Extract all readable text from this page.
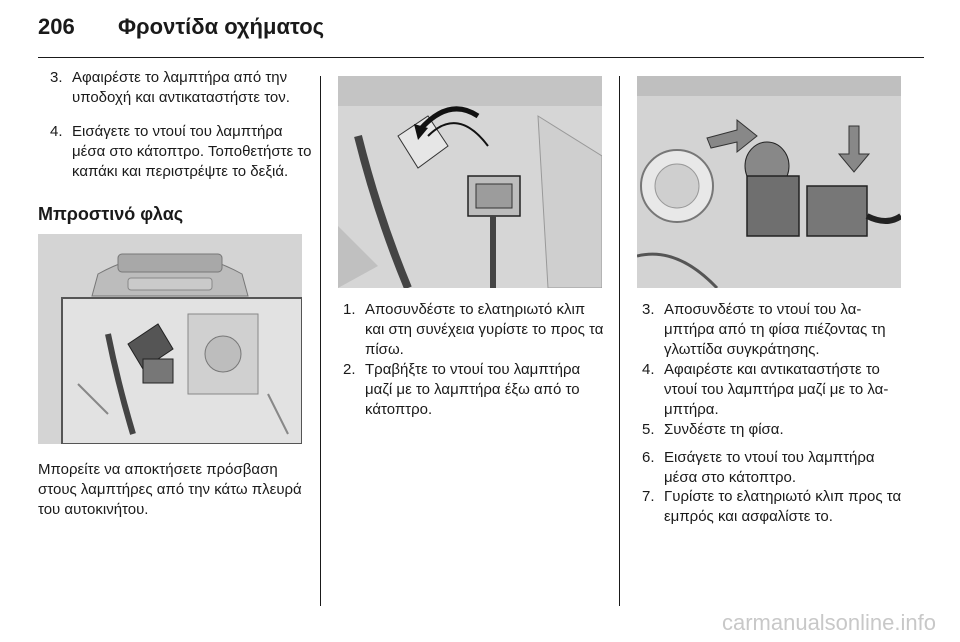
206	Φροντίδα οχήματος
3. Αφαιρέστε το λαμπτήρα από την υποδοχή και αντικαταστήστε τον.
4. Εισάγετε το ντουί του λαμπτήρα μέσα στο κάτοπτρο. Τοποθετήστε το καπάκι και περιστρέψτε το δεξιά.
Μπροστινό φλας
Μπορείτε να αποκτήσετε πρόσβαση στους λαμπτήρες από την κάτω πλευρά του αυτοκινήτου.
1. Αποσυνδέστε το ελατηριωτό κλιπ και στη συνέχεια γυρίστε το προς τα πίσω.
2. Τραβήξτε το ντουί του λαμπτήρα μαζί με το λαμπτήρα έξω από το κάτοπτρο.
3. Αποσυνδέστε το ντουί του λαμπτήρα από τη φίσα πιέζοντας τη γλωττίδα συγκράτησης.
4. Αφαιρέστε και αντικαταστήστε το ντουί του λαμπτήρα μαζί με το λαμπτήρα.
5. Συνδέστε τη φίσα.
6. Εισάγετε το ντουί του λαμπτήρα μέσα στο κάτοπτρο.
7. Γυρίστε το ελατηριωτό κλιπ προς τα εμπρός και ασφαλίστε το.
carmanualsonline.info
